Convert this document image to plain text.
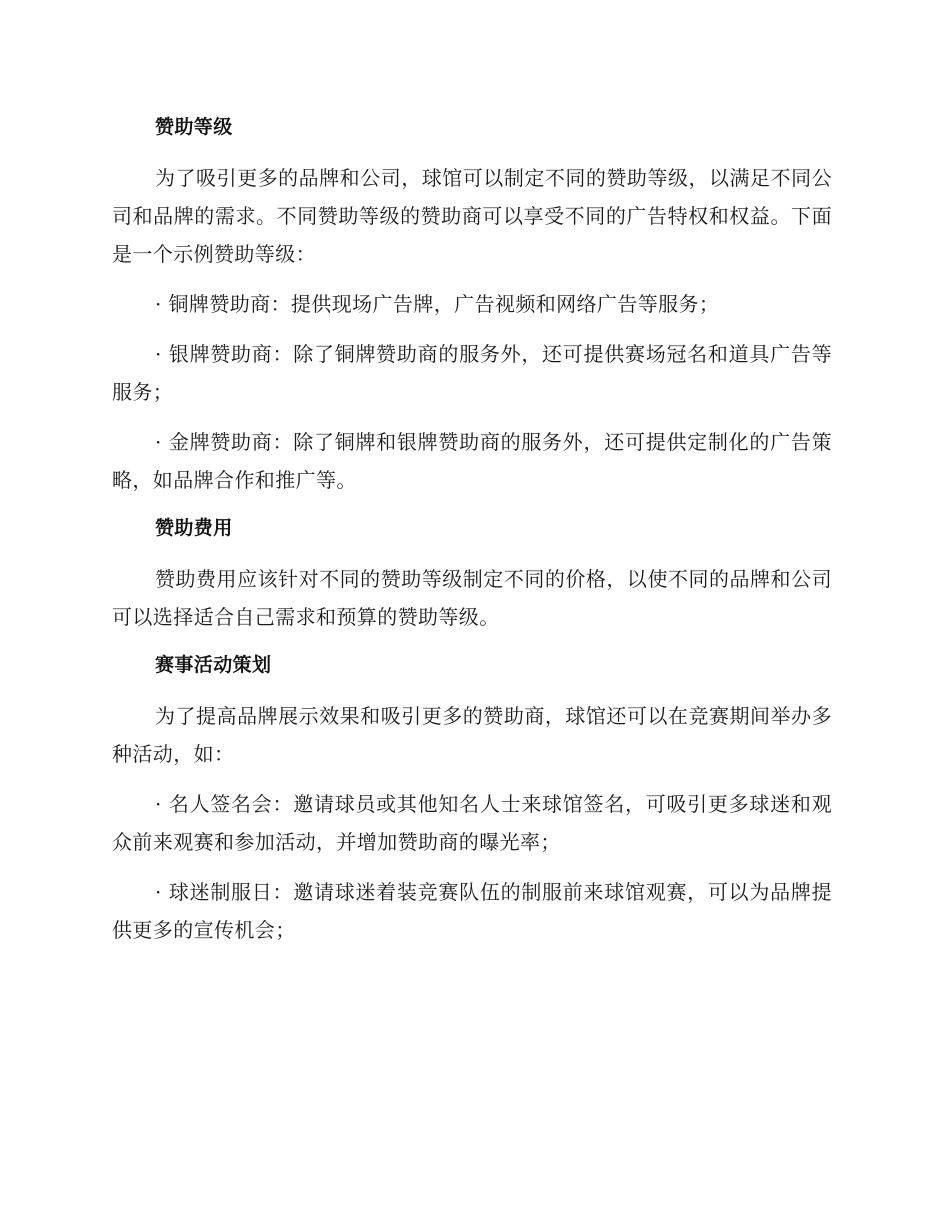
赞助等级

为了吸引更多的品牌和公司，球馆可以制定不同的赞助等级，以满足不同公司和品牌的需求。不同赞助等级的赞助商可以享受不同的广告特权和权益。下面是一个示例赞助等级：

· 铜牌赞助商：提供现场广告牌，广告视频和网络广告等服务；

· 银牌赞助商：除了铜牌赞助商的服务外，还可提供赛场冠名和道具广告等服务；

· 金牌赞助商：除了铜牌和银牌赞助商的服务外，还可提供定制化的广告策略，如品牌合作和推广等。

赞助费用

赞助费用应该针对不同的赞助等级制定不同的价格，以使不同的品牌和公司可以选择适合自己需求和预算的赞助等级。

赛事活动策划

为了提高品牌展示效果和吸引更多的赞助商，球馆还可以在竞赛期间举办多种活动，如：

· 名人签名会：邀请球员或其他知名人士来球馆签名，可吸引更多球迷和观众前来观赛和参加活动，并增加赞助商的曝光率；

· 球迷制服日：邀请球迷着装竞赛队伍的制服前来球馆观赛，可以为品牌提供更多的宣传机会；
